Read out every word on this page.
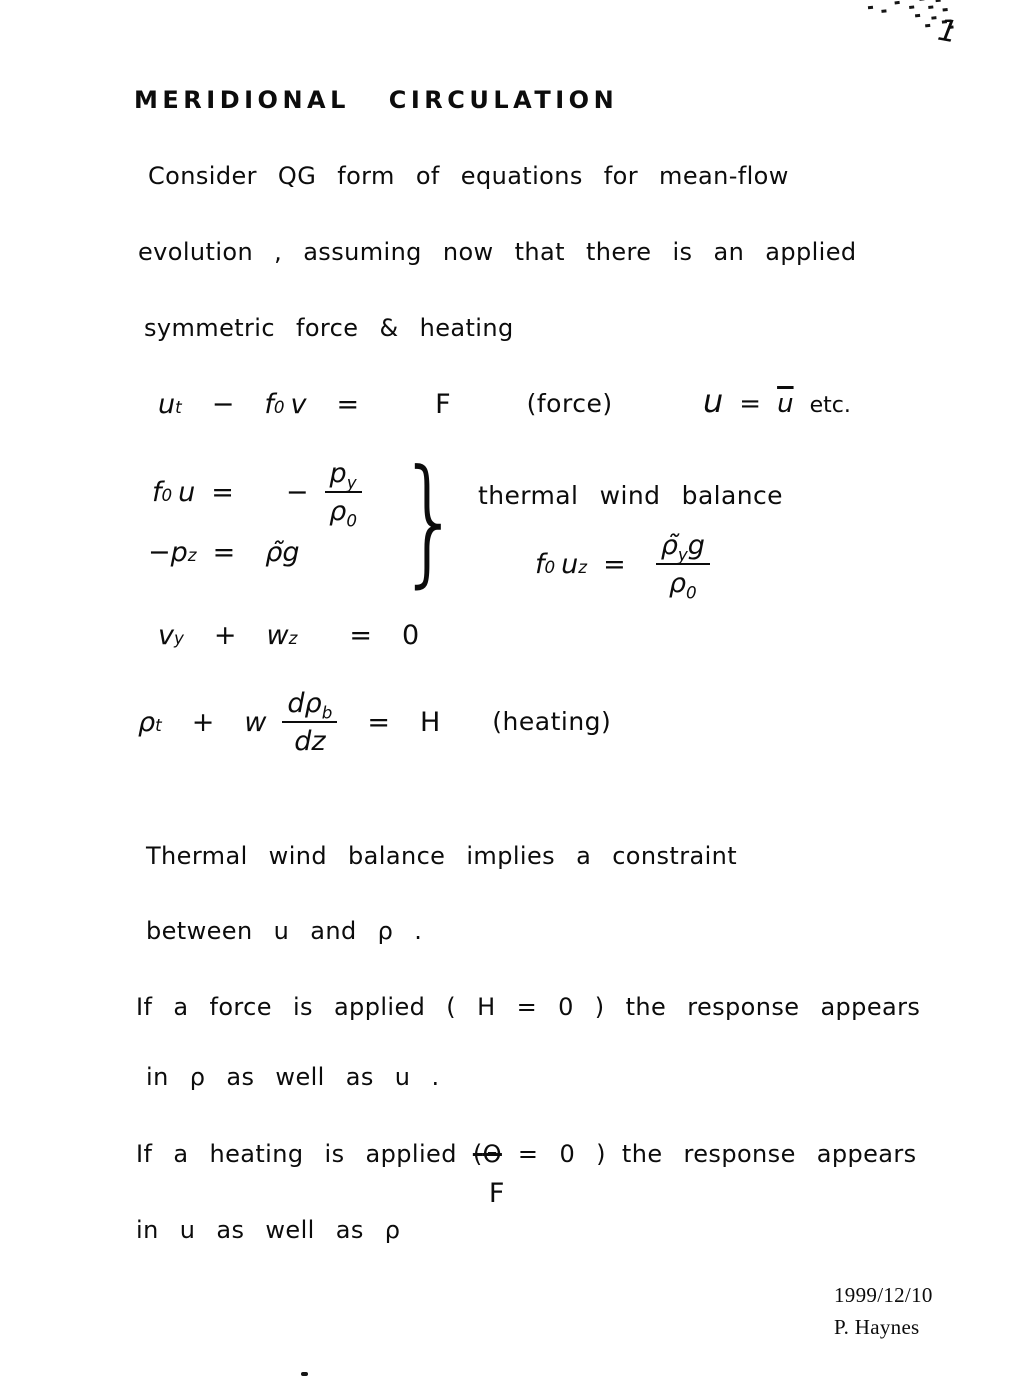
1
MERIDIONAL CIRCULATION
Consider QG form of equations for mean-flow
evolution , assuming now that there is an applied
symmetric force & heating
u t − f 0 v =	F	(force)	$u = \overline{u}$ etc.
f 0 u = − $\frac{p_y}{\rho_0}$
−p z = ρ̃g } thermal wind balance
f 0 u $z = \frac{\rhõ_yg}{\rho_0}$
v y + w z = 0
ρ t + w $\frac{d\rho_b}{dz} = H$ (heating)
Thermal wind balance implies a constraint
between u and ρ .
If a force is applied ( H = 0 ) the response appears
in ρ as well as u .
If a heating is applied (Θ
F
= 0 ) the response appears
in u as well as ρ
1999/12/10
P. Haynes
